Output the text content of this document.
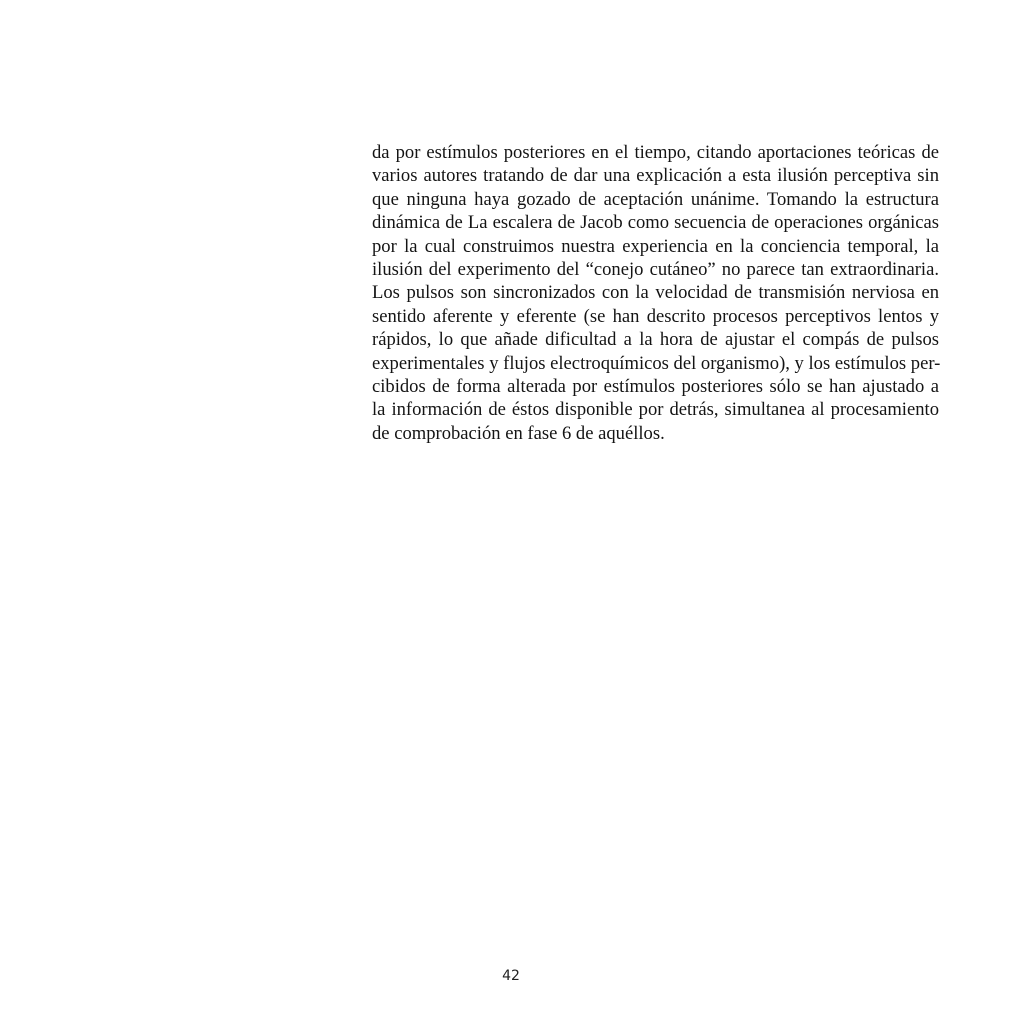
da por estímulos posteriores en el tiempo, citando aportaciones teóricas de
varios autores tratando de dar una explicación a esta ilusión perceptiva sin
que ninguna haya gozado de aceptación unánime. Tomando la estructura
dinámica de La escalera de Jacob como secuencia de operaciones orgánicas
por la cual construimos nuestra experiencia en la conciencia temporal, la
ilusión del experimento del “conejo cutáneo” no parece tan extraordinaria.
Los pulsos son sincronizados con la velocidad de transmisión nerviosa en
sentido aferente y eferente (se han descrito procesos perceptivos lentos y
rápidos, lo que añade dificultad a la hora de ajustar el compás de pulsos
experimentales y flujos electroquímicos del organismo), y los estímulos per-
cibidos de forma alterada por estímulos posteriores sólo se han ajustado a
la información de éstos disponible por detrás, simultanea al procesamiento
de comprobación en fase 6 de aquéllos.

42
